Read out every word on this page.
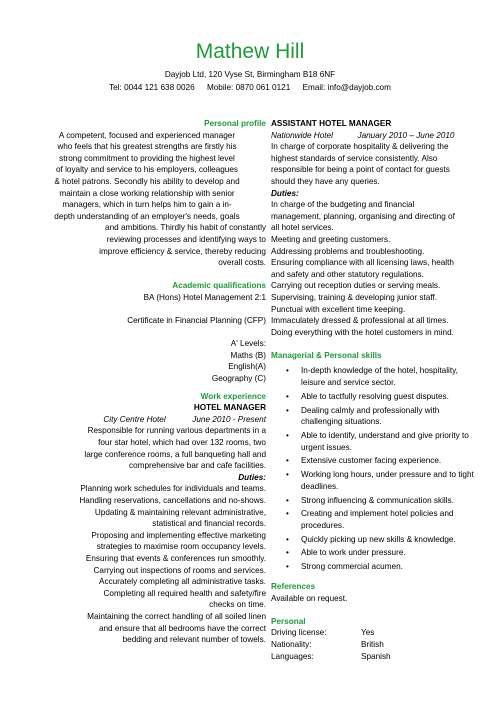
Mathew Hill
Dayjob Ltd, 120 Vyse St, Birmingham B18 6NF
Tel: 0044 121 638 0026 Mobile: 0870 061 0121 Email: info@dayjob.com
Personal profile
A competent, focused and experienced manager
who feels that his greatest strengths are firstly his
strong commitment to providing the highest level
of loyalty and service to his employers, colleagues
& hotel patrons. Secondly his ability to develop and
maintain a close working relationship with senior
managers, which in turn helps him to gain a in-
depth understanding of an employer's needs, goals
and ambitions. Thirdly his habit of constantly
reviewing processes and identifying ways to
improve efficiency & service, thereby reducing
overall costs.
Academic qualifications
BA (Hons) Hotel Management 2:1
Certificate in Financial Planning (CFP)
A' Levels:
Maths (B)
English(A)
Geography (C)
Work experience
HOTEL MANAGER
City Centre Hotel	June 2010 - Present
Responsible for running various departments in a
four star hotel, which had over 132 rooms, two
large conference rooms, a full banqueting hall and
comprehensive bar and cafe facilities.
Duties:
Planning work schedules for individuals and teams.
Handling reservations, cancellations and no-shows.
Updating & maintaining relevant administrative,
statistical and financial records.
Proposing and implementing effective marketing
strategies to maximise room occupancy levels.
Ensuring that events & conferences run smoothly.
Carrying out inspections of rooms and services.
Accurately completing all administrative tasks.
Completing all required health and safety/fire
checks on time.
Maintaining the correct handling of all soiled linen
and ensure that all bedrooms have the correct
bedding and relevant number of towels.
ASSISTANT HOTEL MANAGER
Nationwide Hotel	January 2010 – June 2010
In charge of corporate hospitality & delivering the
highest standards of service consistently. Also
responsible for being a point of contact for guests
should they have any queries.
Duties:
In charge of the budgeting and financial
management, planning, organising and directing of
all hotel services.
Meeting and greeting customers.
Addressing problems and troubleshooting.
Ensuring compliance with all licensing laws, health
and safety and other statutory regulations.
Carrying out reception duties or serving meals.
Supervising, training & developing junior staff.
Punctual with excellent time keeping.
Immaculately dressed & professional at all times.
Doing everything with the hotel customers in mind.
Managerial & Personal skills
• In-depth knowledge of the hotel, hospitality, leisure and service sector.
• Able to tactfully resolving guest disputes.
• Dealing calmly and professionally with challenging situations.
• Able to identify, understand and give priority to urgent issues.
• Extensive customer facing experience.
• Working long hours, under pressure and to tight deadlines.
• Strong influencing & communication skills.
• Creating and implement hotel policies and procedures.
• Quickly picking up new skills & knowledge.
• Able to work under pressure.
• Strong commercial acumen.
References
Available on request.
Personal
Driving license:	Yes
Nationality:	British
Languages:	Spanish
